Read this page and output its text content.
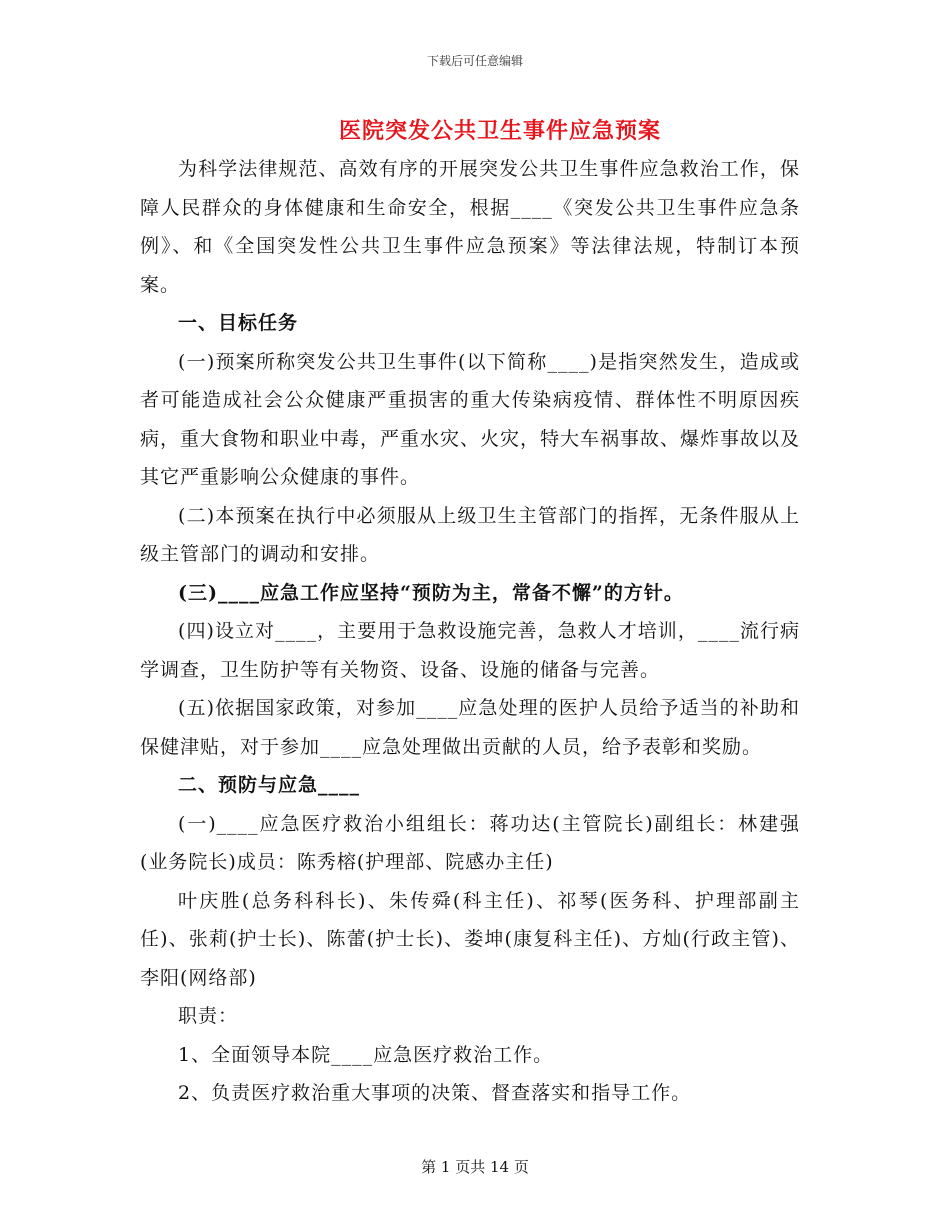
下载后可任意编辑
医院突发公共卫生事件应急预案

为科学法律规范、高效有序的开展突发公共卫生事件应急救治工作，保障人民群众的身体健康和生命安全，根据____《突发公共卫生事件应急条例》、和《全国突发性公共卫生事件应急预案》等法律法规，特制订本预案。

一、目标任务

(一)预案所称突发公共卫生事件(以下简称____)是指突然发生，造成或者可能造成社会公众健康严重损害的重大传染病疫情、群体性不明原因疾病，重大食物和职业中毒，严重水灾、火灾，特大车祸事故、爆炸事故以及其它严重影响公众健康的事件。

(二)本预案在执行中必须服从上级卫生主管部门的指挥，无条件服从上级主管部门的调动和安排。

(三)____应急工作应坚持“预防为主，常备不懈”的方针。

(四)设立对____，主要用于急救设施完善，急救人才培训，____流行病学调查，卫生防护等有关物资、设备、设施的储备与完善。

(五)依据国家政策，对参加____应急处理的医护人员给予适当的补助和保健津贴，对于参加____应急处理做出贡献的人员，给予表彰和奖励。

二、预防与应急____

(一)____应急医疗救治小组组长：蒋功达(主管院长)副组长：林建强(业务院长)成员：陈秀榕(护理部、院感办主任)

叶庆胜(总务科科长)、朱传舜(科主任)、祁琴(医务科、护理部副主任)、张莉(护士长)、陈蕾(护士长)、娄坤(康复科主任)、方灿(行政主管)、李阳(网络部)

职责：

1、全面领导本院____应急医疗救治工作。

2、负责医疗救治重大事项的决策、督查落实和指导工作。

第 1 页共 14 页
